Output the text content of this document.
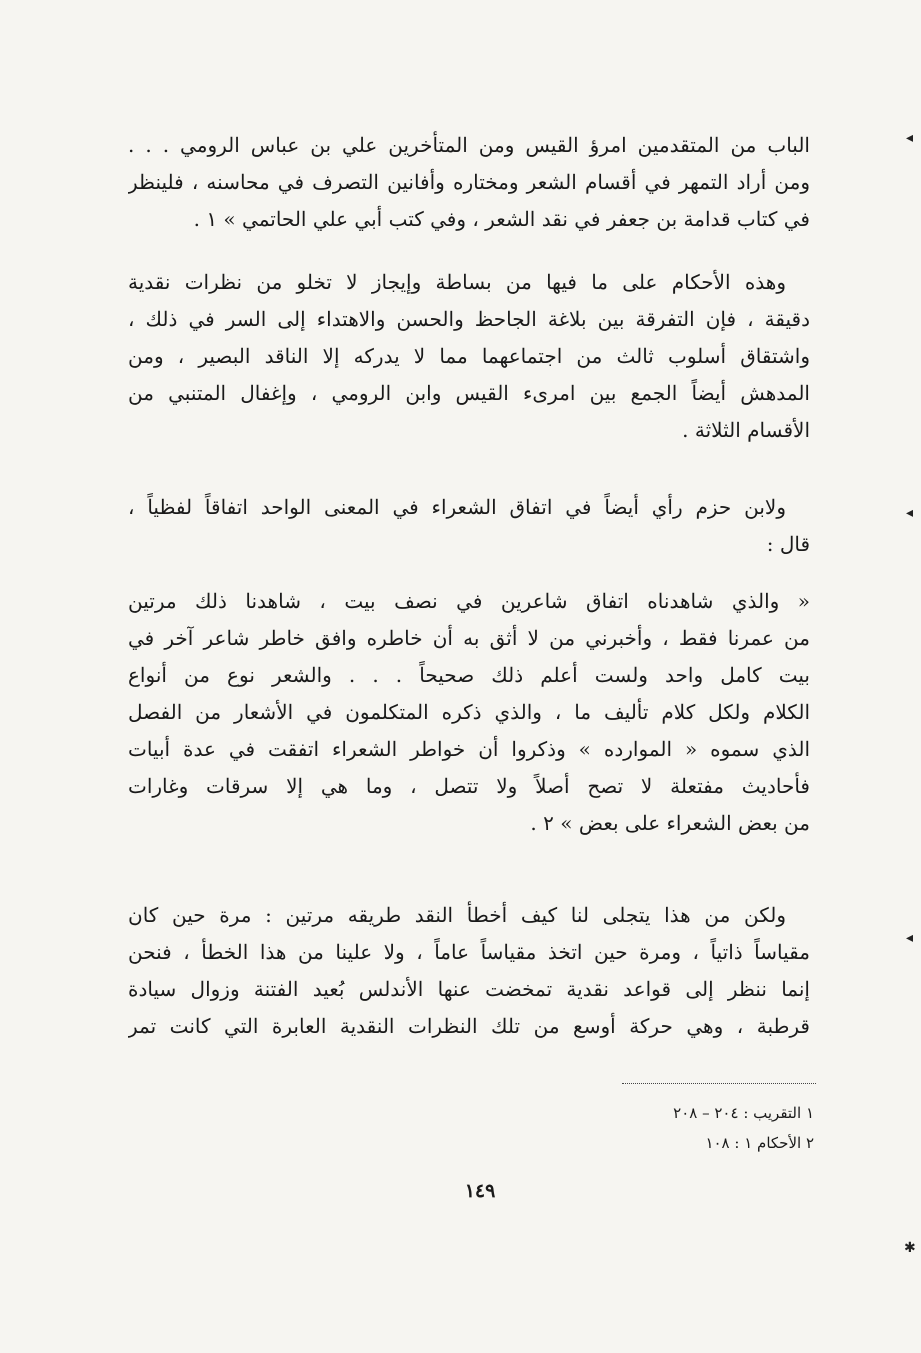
◂
◂
◂
✱
الباب من المتقدمين امرؤ القيس ومن المتأخرين علي بن عباس الرومي . . .
ومن أراد التمهر في أقسام الشعر ومختاره وأفانين التصرف في محاسنه ، فلينظر
في كتاب قدامة بن جعفر في نقد الشعر ، وفي كتب أبي علي الحاتمي » ١ .
وهذه الأحكام على ما فيها من بساطة وإيجاز لا تخلو من نظرات نقدية
دقيقة ، فإن التفرقة بين بلاغة الجاحظ والحسن والاهتداء إلى السر في ذلك ،
واشتقاق أسلوب ثالث من اجتماعهما مما لا يدركه إلا الناقد البصير ، ومن
المدهش أيضاً الجمع بين امرىء القيس وابن الرومي ، وإغفال المتنبي من
الأقسام الثلاثة .
ولابن حزم رأي أيضاً في اتفاق الشعراء في المعنى الواحد اتفاقاً لفظياً ،
قال :
« والذي شاهدناه اتفاق شاعرين في نصف بيت ، شاهدنا ذلك مرتين
من عمرنا فقط ، وأخبرني من لا أثق به أن خاطره وافق خاطر شاعر آخر في
بيت كامل واحد ولست أعلم ذلك صحيحاً . . . والشعر نوع من أنواع
الكلام ولكل كلام تأليف ما ، والذي ذكره المتكلمون في الأشعار من الفصل
الذي سموه « الموارده » وذكروا أن خواطر الشعراء اتفقت في عدة أبيات
فأحاديث مفتعلة لا تصح أصلاً ولا تتصل ، وما هي إلا سرقات وغارات
من بعض الشعراء على بعض » ٢ .
ولكن من هذا يتجلى لنا كيف أخطأ النقد طريقه مرتين : مرة حين كان
مقياساً ذاتياً ، ومرة حين اتخذ مقياساً عاماً ، ولا علينا من هذا الخطأ ، فنحن
إنما ننظر إلى قواعد نقدية تمخضت عنها الأندلس بُعيد الفتنة وزوال سيادة
قرطبة ، وهي حركة أوسع من تلك النظرات النقدية العابرة التي كانت تمر
١ التقريب : ٢٠٤ – ٢٠٨
٢ الأحكام ١ : ١٠٨
١٤٩
